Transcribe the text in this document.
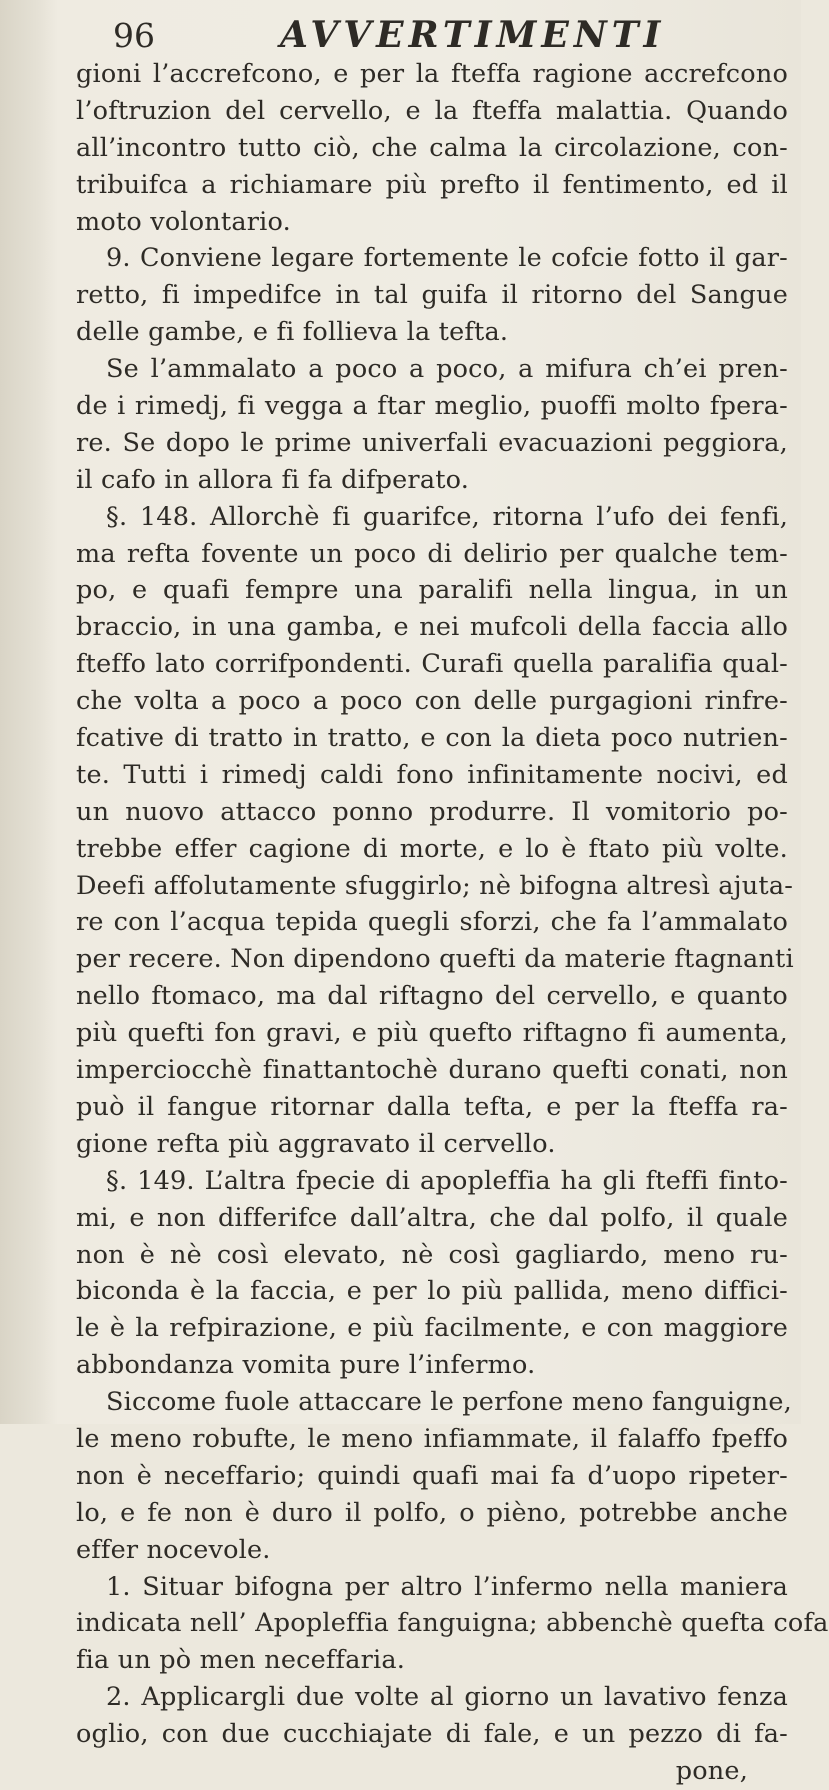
96	AVVERTIMENTI
gioni l’accrefcono, e per la fteffa ragione accrefcono
l’oftruzion del cervello, e la fteffa malattia. Quando
all’incontro tutto ciò, che calma la circolazione, con-
tribuifca a richiamare più prefto il fentimento, ed il
moto volontario.
9. Conviene legare fortemente le cofcie fotto il gar-
retto, fi impedifce in tal guifa il ritorno del Sangue
delle gambe, e fi follieva la tefta.
Se l’ammalato a poco a poco, a mifura ch’ei pren-
de i rimedj, fi vegga a ftar meglio, puoffi molto fpera-
re. Se dopo le prime univerfali evacuazioni peggiora,
il cafo in allora fi fa difperato.
§. 148. Allorchè fi guarifce, ritorna l’ufo dei fenfi,
ma refta fovente un poco di delirio per qualche tem-
po, e quafi fempre una paralifi nella lingua, in un
braccio, in una gamba, e nei mufcoli della faccia allo
fteffo lato corrifpondenti. Curafi quella paralifia qual-
che volta a poco a poco con delle purgagioni rinfre-
fcative di tratto in tratto, e con la dieta poco nutrien-
te. Tutti i rimedj caldi fono infinitamente nocivi, ed
un nuovo attacco ponno produrre. Il vomitorio po-
trebbe effer cagione di morte, e lo è ftato più volte.
Deefi affolutamente sfuggirlo; nè bifogna altresì ajuta-
re con l’acqua tepida quegli sforzi, che fa l’ammalato
per recere. Non dipendono quefti da materie ftagnanti
nello ftomaco, ma dal riftagno del cervello, e quanto
più quefti fon gravi, e più quefto riftagno fi aumenta,
imperciocchè finattantochè durano quefti conati, non
può il fangue ritornar dalla tefta, e per la fteffa ra-
gione refta più aggravato il cervello.
§. 149. L’altra fpecie di apopleffia ha gli fteffi finto-
mi, e non differifce dall’altra, che dal polfo, il quale
non è nè così elevato, nè così gagliardo, meno ru-
biconda è la faccia, e per lo più pallida, meno diffici-
le è la refpirazione, e più facilmente, e con maggiore
abbondanza vomita pure l’infermo.
Siccome fuole attaccare le perfone meno fanguigne,
le meno robufte, le meno infiammate, il falaffo fpeffo
non è neceffario; quindi quafi mai fa d’uopo ripeter-
lo, e fe non è duro il polfo, o pièno, potrebbe anche
effer nocevole.
1. Situar bifogna per altro l’infermo nella maniera
indicata nell’ Apopleffia fanguigna; abbenchè quefta cofa
fia un pò men neceffaria.
2. Applicargli due volte al giorno un lavativo fenza
oglio, con due cucchiajate di fale, e un pezzo di fa-
pone,
